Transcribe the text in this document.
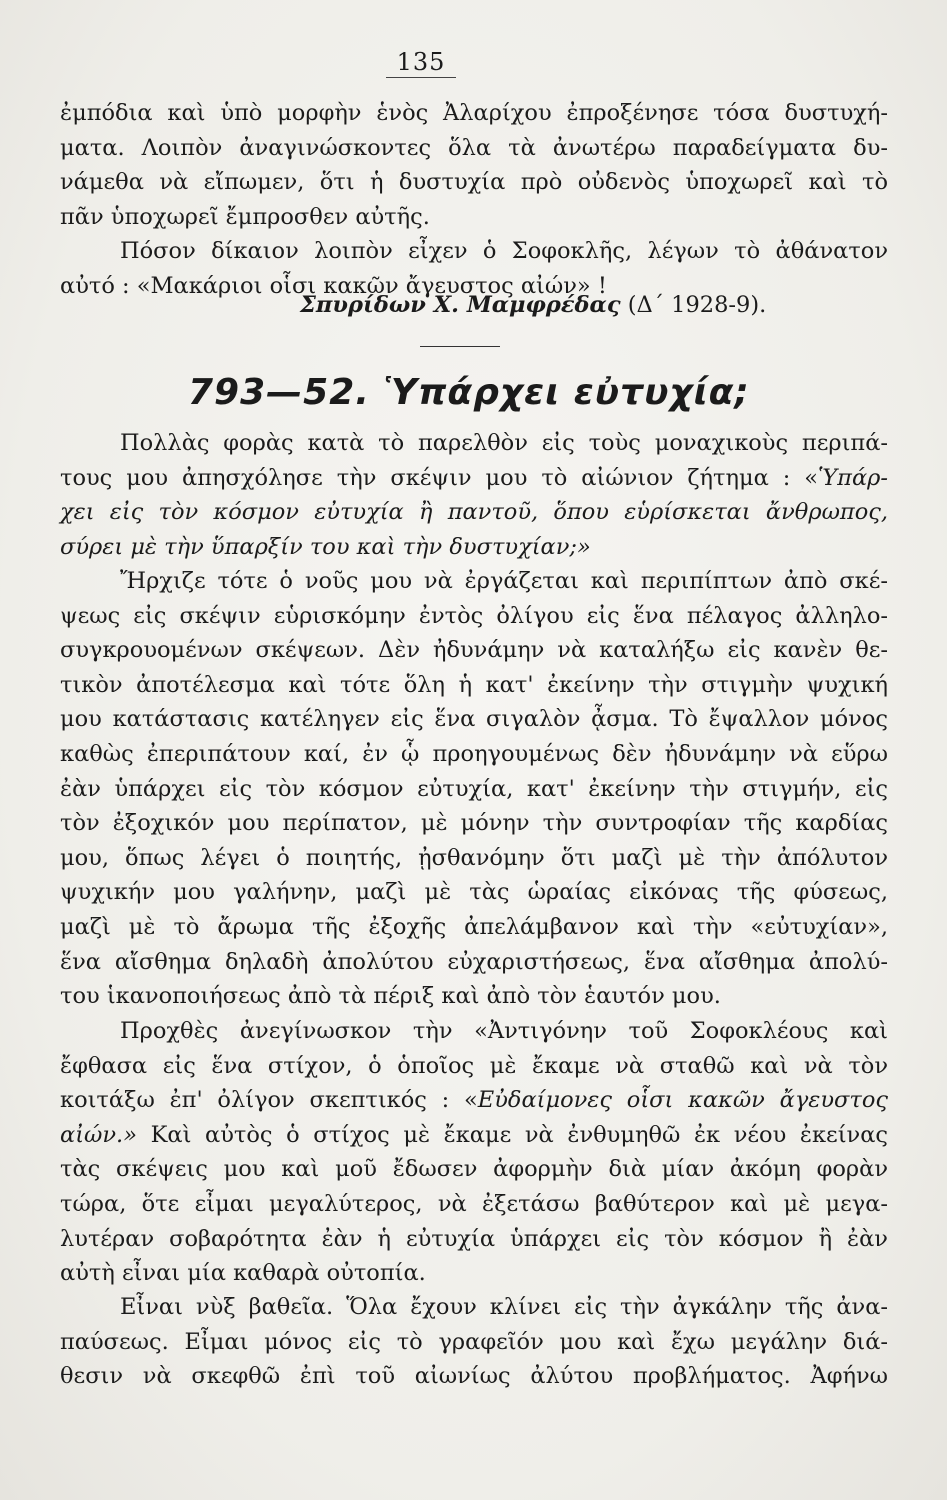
135
ἐμπόδια καὶ ὑπὸ μορφὴν ἑνὸς Ἀλαρίχου ἐπροξένησε τόσα δυστυχή-
ματα. Λοιπὸν ἀναγινώσκοντες ὅλα τὰ ἀνωτέρω παραδείγματα δυ-
νάμεθα νὰ εἴπωμεν, ὅτι ἡ δυστυχία πρὸ οὐδενὸς ὑποχωρεῖ καὶ τὸ
πᾶν ὑποχωρεῖ ἔμπροσθεν αὐτῆς.
Πόσον δίκαιον λοιπὸν εἶχεν ὁ Σοφοκλῆς, λέγων τὸ ἀθάνατον
αὐτό : «Μακάριοι οἷσι κακῶν ἄγευστος αἰών» !
Σπυρίδων Χ. Μαμφρέδας (Δ΄ 1928-9).
793—52. Ὑπάρχει εὐτυχία;
Πολλὰς φορὰς κατὰ τὸ παρελθὸν εἰς τοὺς μοναχικοὺς περιπά-
τους μου ἀπησχόλησε τὴν σκέψιν μου τὸ αἰώνιον ζήτημα : «Ὑπάρ-
χει εἰς τὸν κόσμον εὐτυχία ἢ παντοῦ, ὅπου εὑρίσκεται ἄνθρωπος,
σύρει μὲ τὴν ὕπαρξίν του καὶ τὴν δυστυχίαν;»
Ἤρχιζε τότε ὁ νοῦς μου νὰ ἐργάζεται καὶ περιπίπτων ἀπὸ σκέ-
ψεως εἰς σκέψιν εὑρισκόμην ἐντὸς ὀλίγου εἰς ἕνα πέλαγος ἀλληλο-
συγκρουομένων σκέψεων. Δὲν ἠδυνάμην νὰ καταλήξω εἰς κανὲν θε-
τικὸν ἀποτέλεσμα καὶ τότε ὅλη ἡ κατ' ἐκείνην τὴν στιγμὴν ψυχική
μου κατάστασις κατέληγεν εἰς ἕνα σιγαλὸν ᾆσμα. Τὸ ἔψαλλον μόνος
καθὼς ἐπεριπάτουν καί, ἐν ᾧ προηγουμένως δὲν ἠδυνάμην νὰ εὕρω
ἐὰν ὑπάρχει εἰς τὸν κόσμον εὐτυχία, κατ' ἐκείνην τὴν στιγμήν, εἰς
τὸν ἐξοχικόν μου περίπατον, μὲ μόνην τὴν συντροφίαν τῆς καρδίας
μου, ὅπως λέγει ὁ ποιητής, ᾐσθανόμην ὅτι μαζὶ μὲ τὴν ἀπόλυτον
ψυχικήν μου γαλήνην, μαζὶ μὲ τὰς ὡραίας εἰκόνας τῆς φύσεως,
μαζὶ μὲ τὸ ἄρωμα τῆς ἐξοχῆς ἀπελάμβανον καὶ τὴν «εὐτυχίαν»,
ἕνα αἴσθημα δηλαδὴ ἀπολύτου εὐχαριστήσεως, ἕνα αἴσθημα ἀπολύ-
του ἱκανοποιήσεως ἀπὸ τὰ πέριξ καὶ ἀπὸ τὸν ἑαυτόν μου.
Προχθὲς ἀνεγίνωσκον τὴν «Ἀντιγόνην τοῦ Σοφοκλέους καὶ
ἔφθασα εἰς ἕνα στίχον, ὁ ὁποῖος μὲ ἔκαμε νὰ σταθῶ καὶ νὰ τὸν
κοιτάξω ἐπ' ὀλίγον σκεπτικός : «Εὐδαίμονες οἷσι κακῶν ἄγευστος
αἰών.» Καὶ αὐτὸς ὁ στίχος μὲ ἔκαμε νὰ ἐνθυμηθῶ ἐκ νέου ἐκείνας
τὰς σκέψεις μου καὶ μοῦ ἔδωσεν ἀφορμὴν διὰ μίαν ἀκόμη φορὰν
τώρα, ὅτε εἶμαι μεγαλύτερος, νὰ ἐξετάσω βαθύτερον καὶ μὲ μεγα-
λυτέραν σοβαρότητα ἐὰν ἡ εὐτυχία ὑπάρχει εἰς τὸν κόσμον ἢ ἐὰν
αὐτὴ εἶναι μία καθαρὰ οὐτοπία.
Εἶναι νὺξ βαθεῖα. Ὅλα ἔχουν κλίνει εἰς τὴν ἀγκάλην τῆς ἀνα-
παύσεως. Εἶμαι μόνος εἰς τὸ γραφεῖόν μου καὶ ἔχω μεγάλην διά-
θεσιν νὰ σκεφθῶ ἐπὶ τοῦ αἰωνίως ἀλύτου προβλήματος. Ἀφήνω
